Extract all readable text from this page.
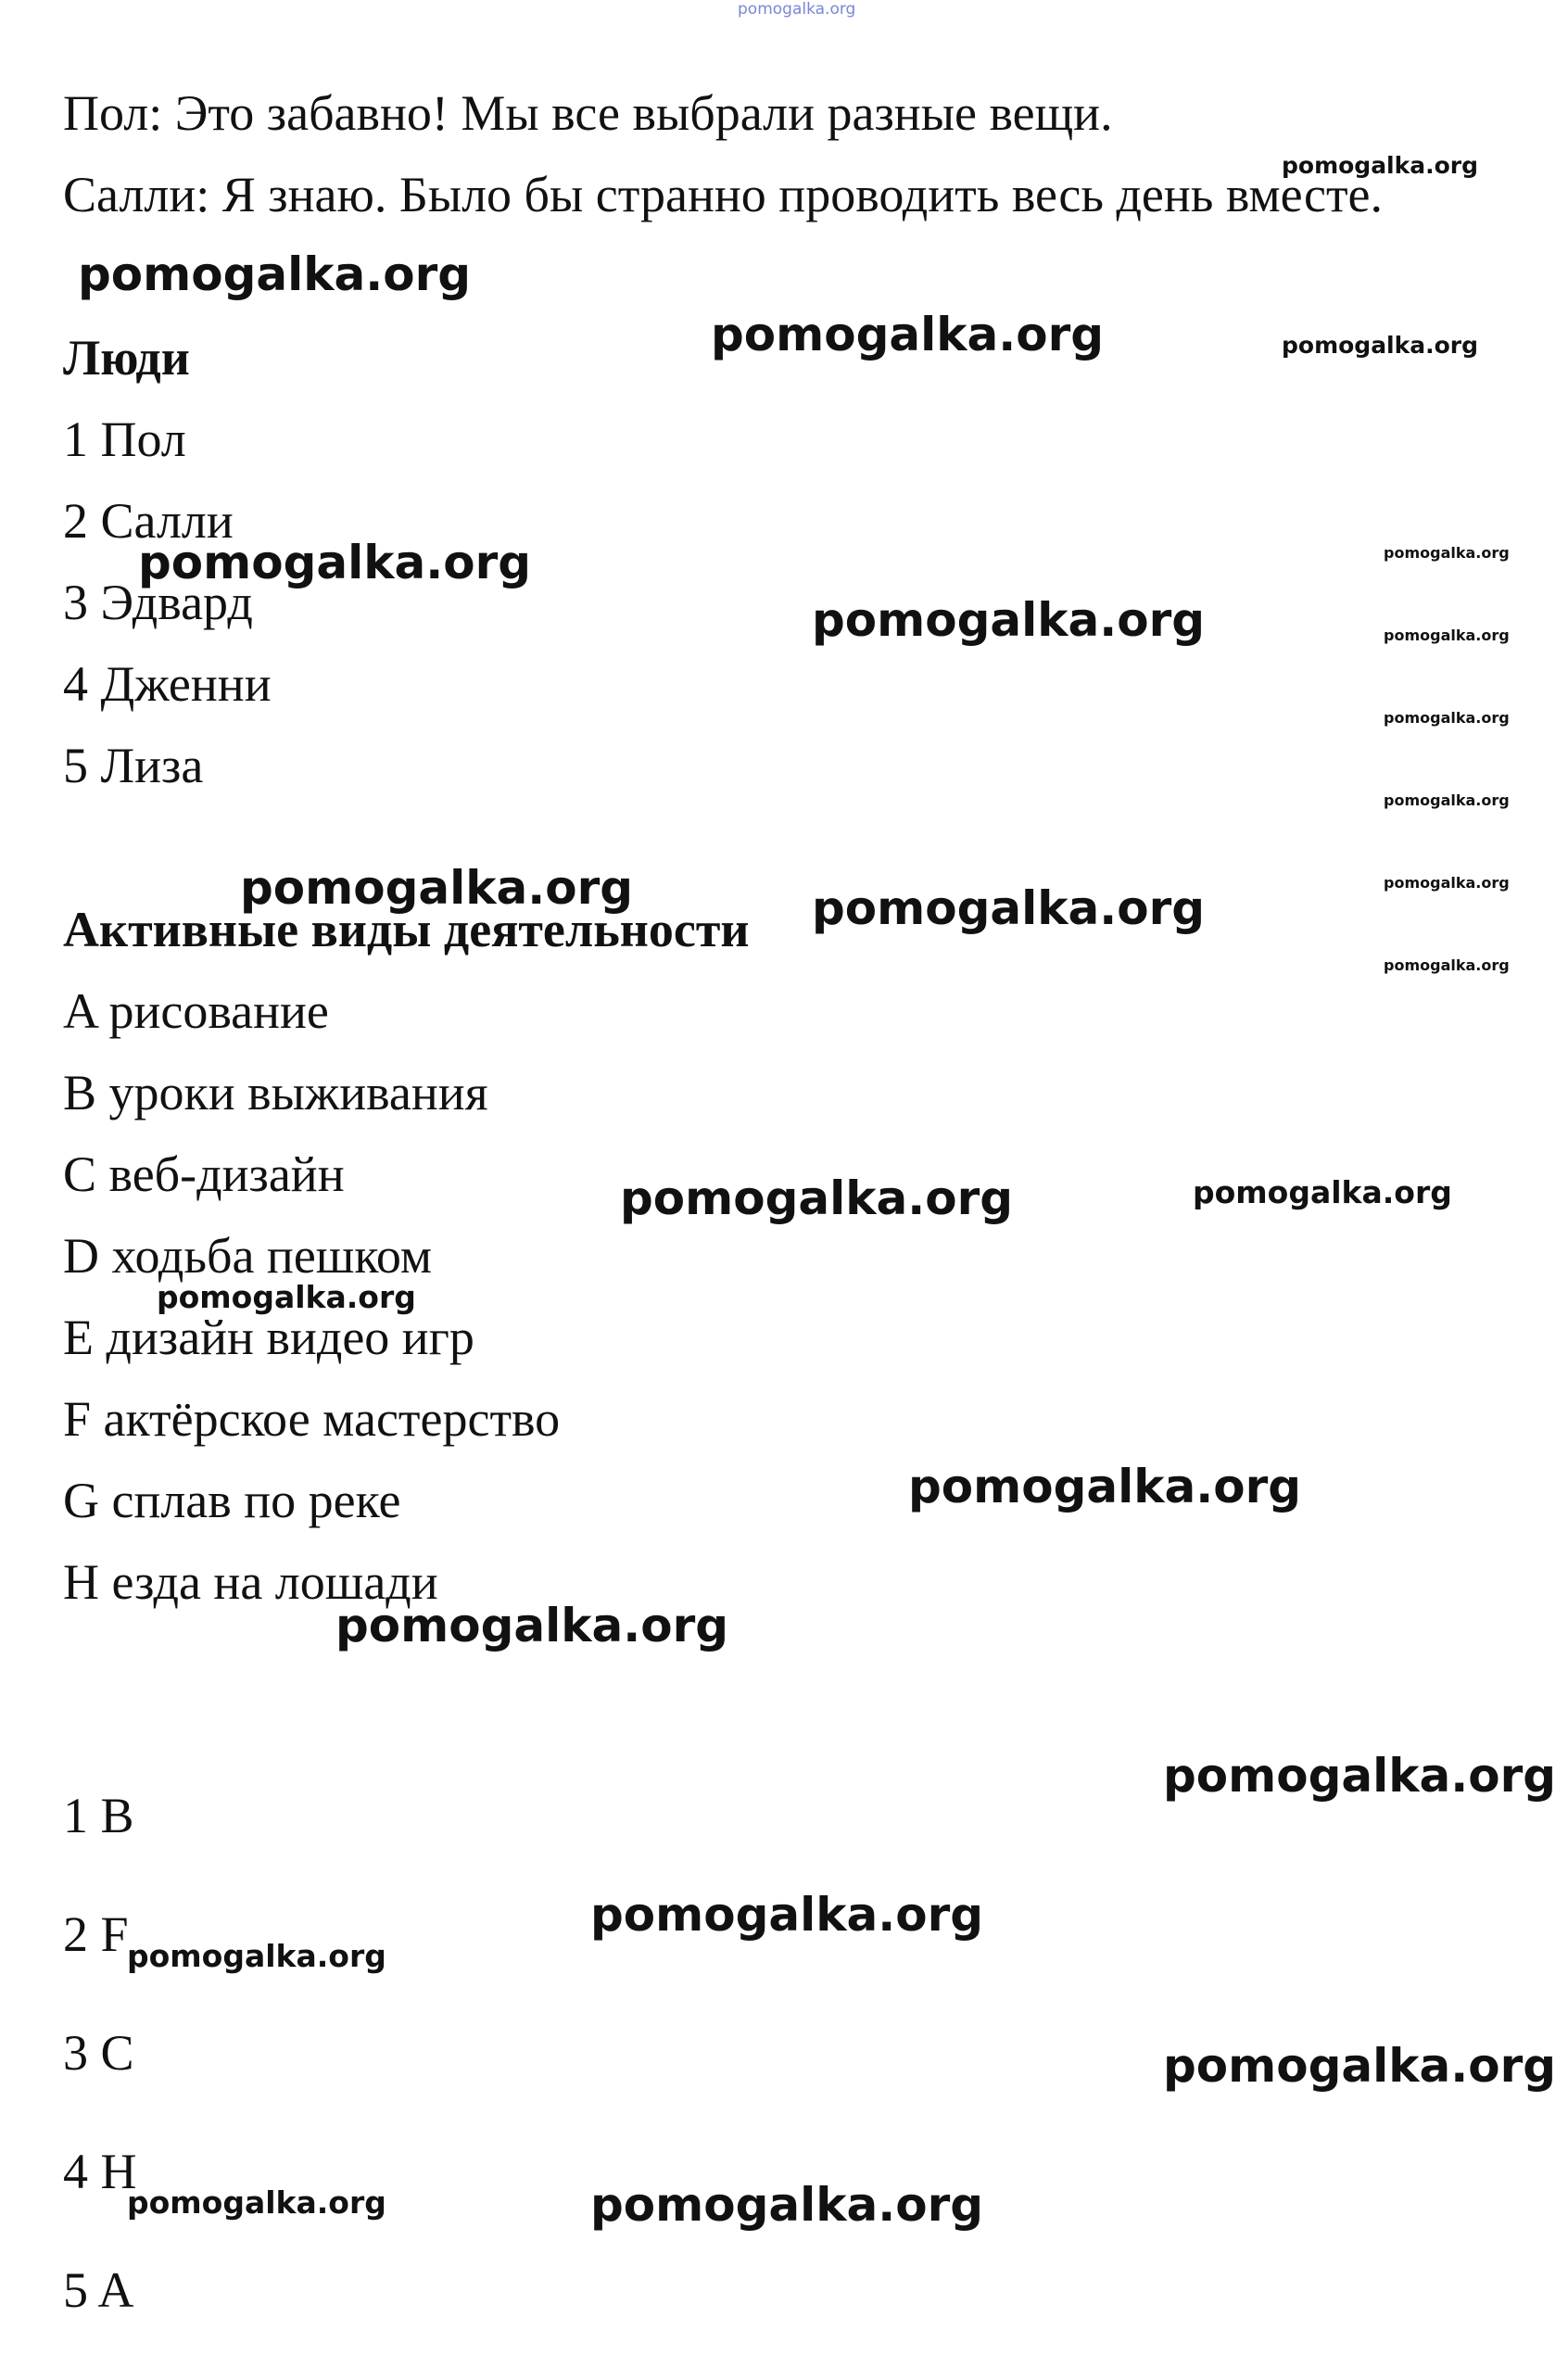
pomogalka.org
Пол: Это забавно! Мы все выбрали разные вещи.
Салли: Я знаю. Было бы странно проводить весь день вместе.
Люди
1 Пол
2 Салли
3 Эдвард
4 Дженни
5 Лиза
Активные виды деятельности
A рисование
B уроки выживания
C веб-дизайн
D ходьба пешком
E дизайн видео игр
F актёрское мастерство
G сплав по реке
H езда на лошади
1 B
2 F
3 C
4 H
5 A
pomogalka.org
pomogalka.org
pomogalka.org	pomogalka.org
pomogalka.org
pomogalka.org
pomogalka.org
pomogalka.org
pomogalka.org
pomogalka.org
pomogalka.org
pomogalka.org
pomogalka.org	pomogalka.org
pomogalka.org	pomogalka.org
pomogalka.org
pomogalka.org
pomogalka.org
pomogalka.org
pomogalka.org
pomogalka.org
pomogalka.org
pomogalka.org	pomogalka.org
